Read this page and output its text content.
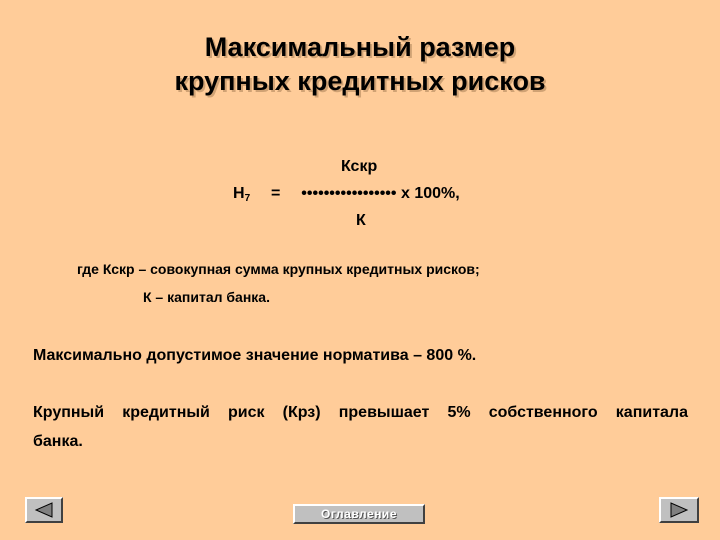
Максимальный размер
крупных кредитных рисков
Кскр
$Н_7$ = ••••••••••••••••• x 100%,
К
где Кскр – совокупная сумма крупных кредитных рисков;
К – капитал банка.
Максимально допустимое значение норматива – 800 %.
Крупный кредитный риск (Крз) превышает 5% собственного капитала банка.
Оглавление
